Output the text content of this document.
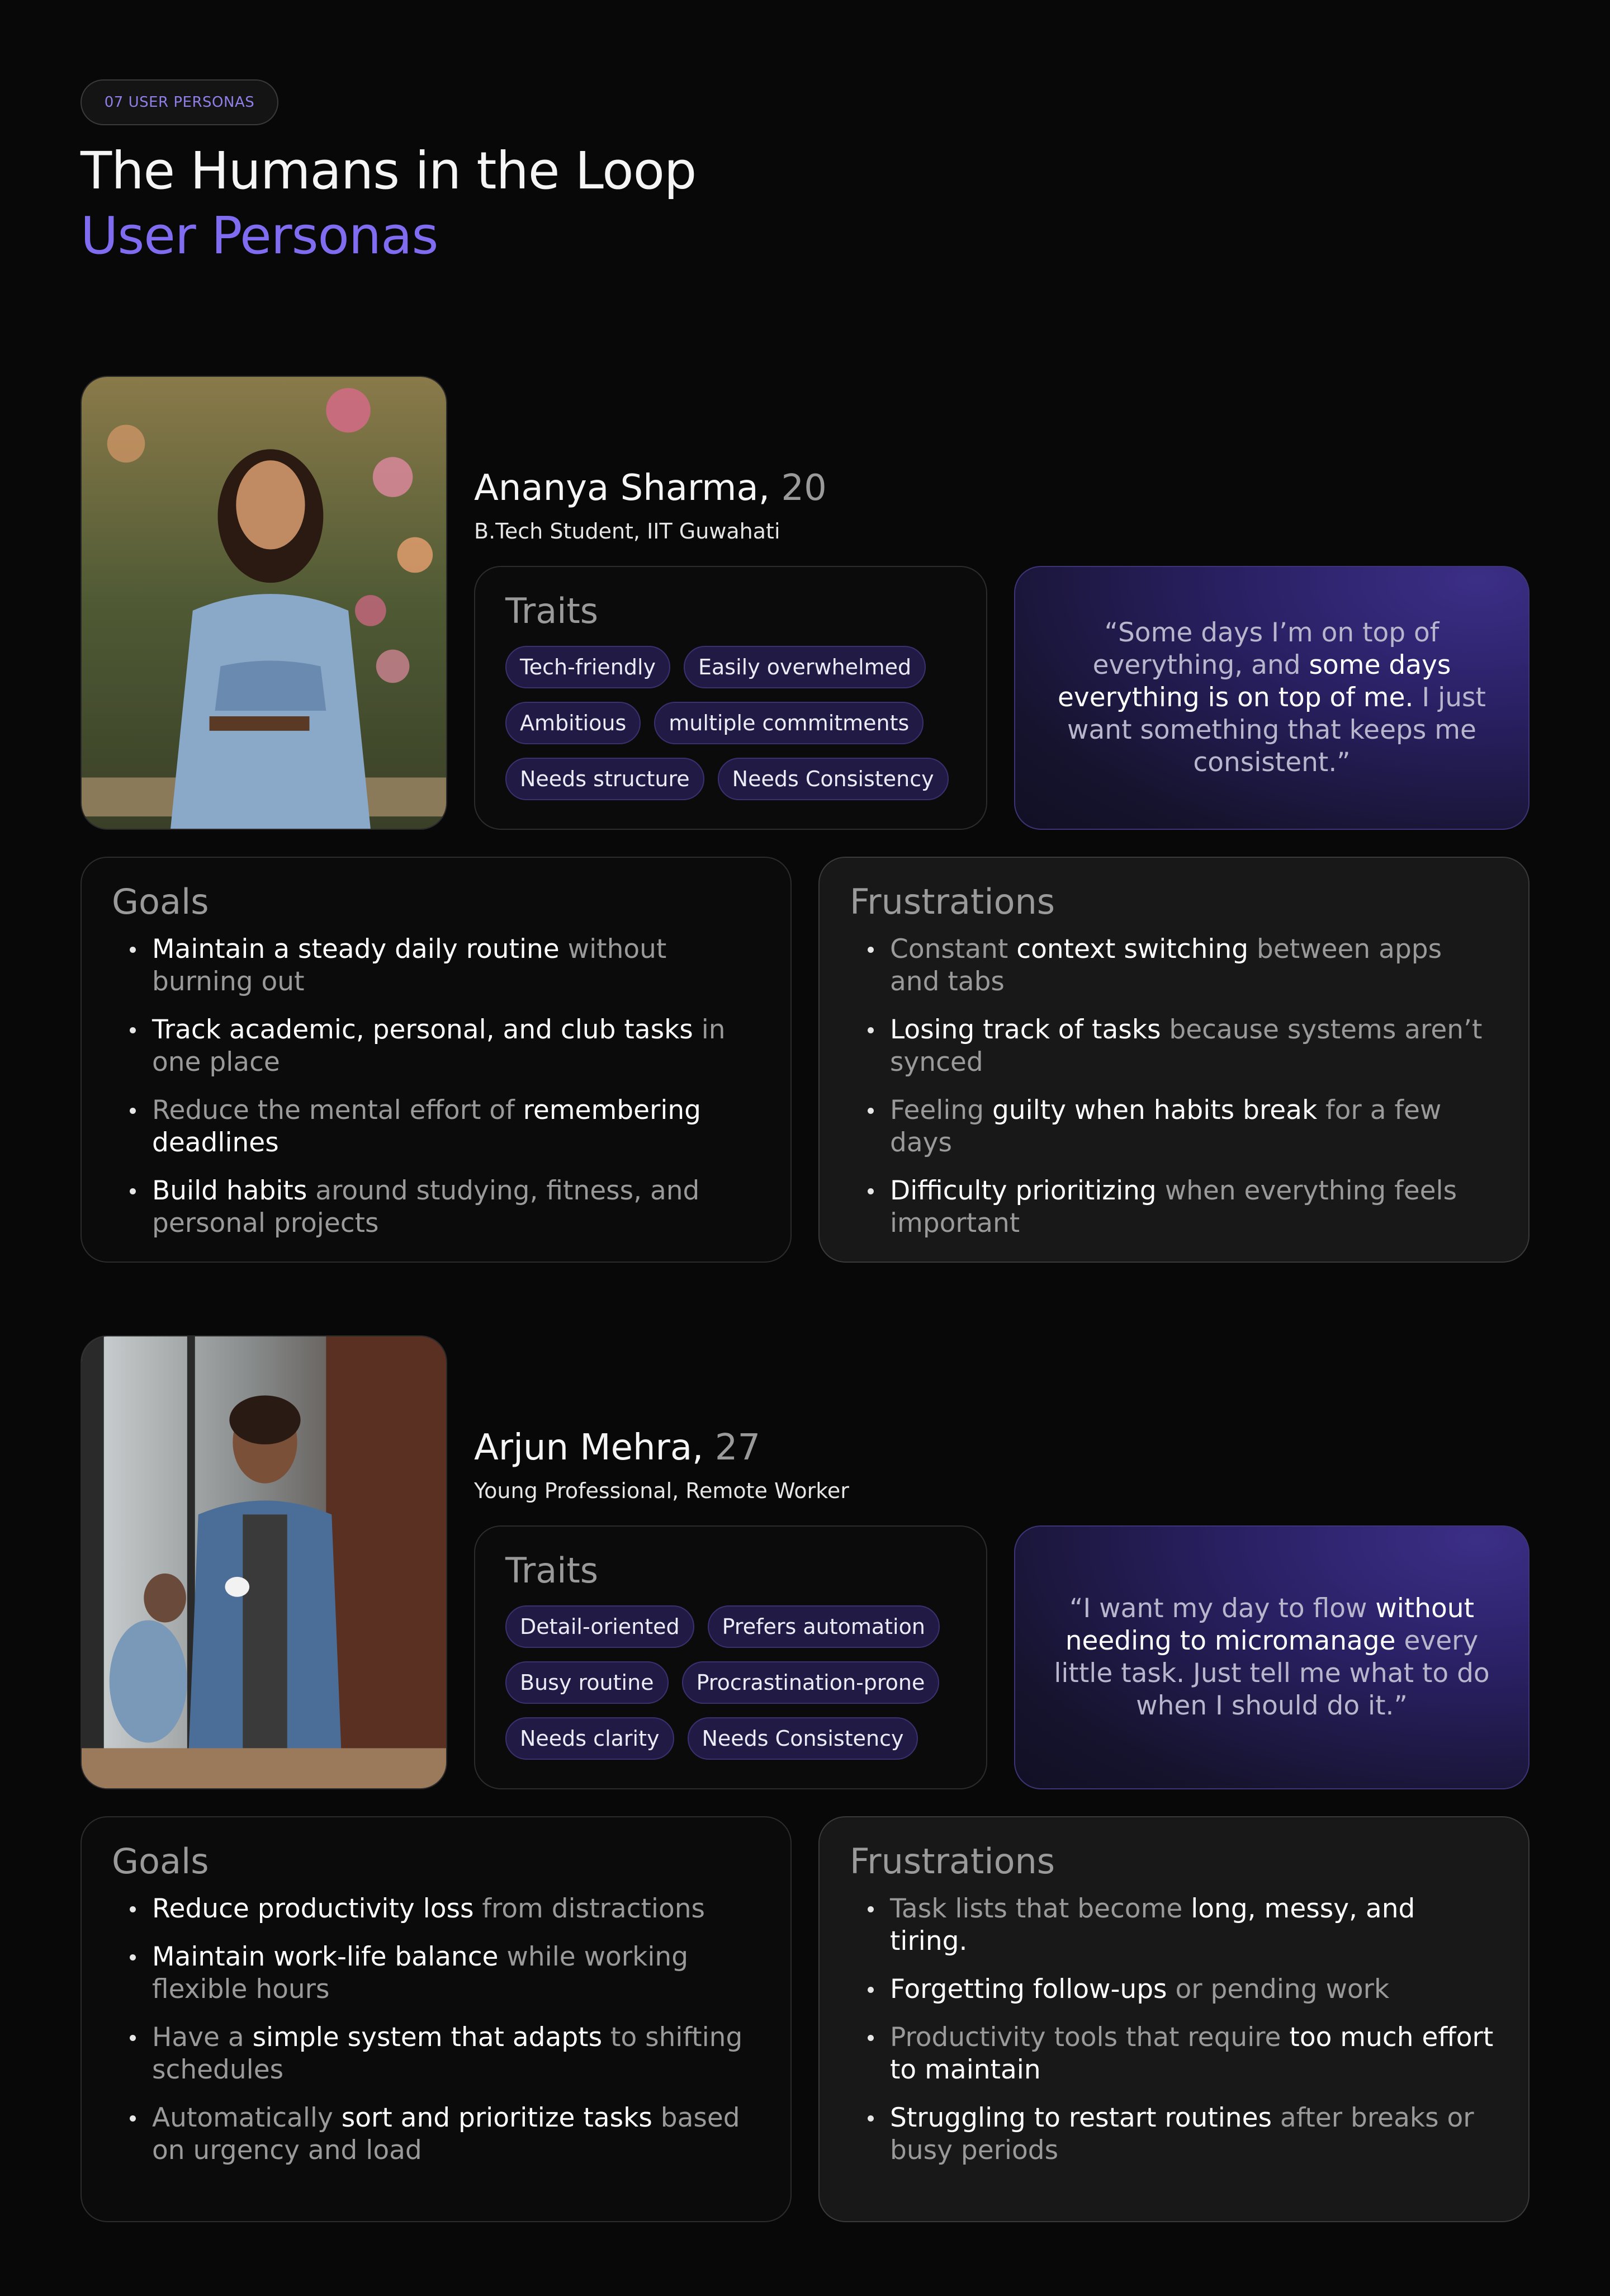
07 USER PERSONAS
The Humans in the Loop
User Personas
Ananya Sharma, 20
B.Tech Student, IIT Guwahati
Traits
Tech-friendly	Easily overwhelmed
Ambitious	multiple commitments
Needs structure	Needs Consistency

“Some days I’m on top of everything, and some days everything is on top of me. I just want something that keeps me consistent.”

Goals
Maintain a steady daily routine without burning out
Track academic, personal, and club tasks in one place
Reduce the mental effort of remembering deadlines
Build habits around studying, fitness, and personal projects
Frustrations
Constant context switching between apps and tabs
Losing track of tasks because systems aren’t synced
Feeling guilty when habits break for a few days
Difficulty prioritizing when everything feels important
Arjun Mehra, 27
Young Professional, Remote Worker
Traits
Detail-oriented	Prefers automation
Busy routine	Procrastination-prone
Needs clarity	Needs Consistency

“I want my day to flow without needing to micromanage every little task. Just tell me what to do when I should do it.”

Goals
Reduce productivity loss from distractions
Maintain work-life balance while working flexible hours
Have a simple system that adapts to shifting schedules
Automatically sort and prioritize tasks based on urgency and load
Frustrations
Task lists that become long, messy, and tiring.
Forgetting follow-ups or pending work
Productivity tools that require too much effort to maintain
Struggling to restart routines after breaks or busy periods
